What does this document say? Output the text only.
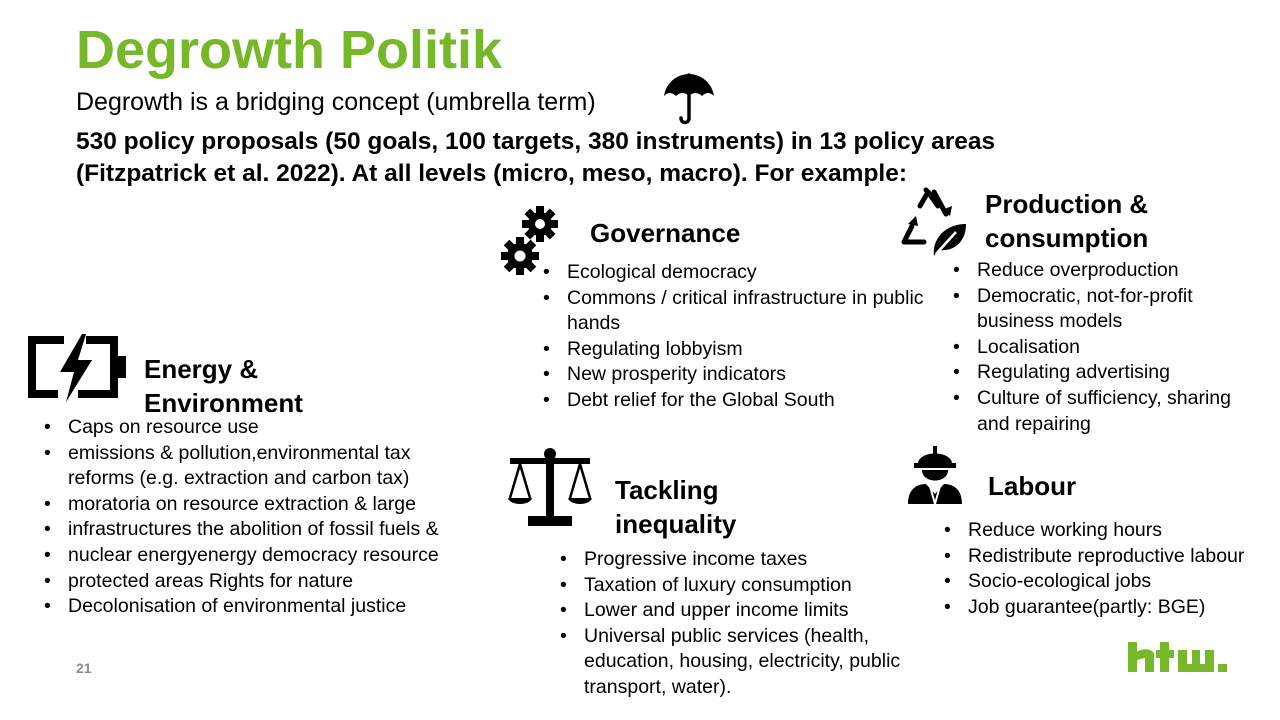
Degrowth Politik
Degrowth is a bridging concept (umbrella term)
530 policy proposals (50 goals, 100 targets, 380 instruments) in 13 policy areas
(Fitzpatrick et al. 2022). At all levels (micro, meso, macro). For example:
Governance
• Ecological democracy
• Commons / critical infrastructure in public
hands
• Regulating lobbyism
• New prosperity indicators
• Debt relief for the Global South
Production &
consumption
• Reduce overproduction
• Democratic, not-for-profit
business models
• Localisation
• Regulating advertising
• Culture of sufficiency, sharing
and repairing
Energy &
Environment
• Caps on resource use
• emissions & pollution,environmental tax
reforms (e.g. extraction and carbon tax)
• moratoria on resource extraction & large
• infrastructures the abolition of fossil fuels &
• nuclear energyenergy democracy resource
• protected areas Rights for nature
• Decolonisation of environmental justice
Tackling
inequality
• Progressive income taxes
• Taxation of luxury consumption
• Lower and upper income limits
• Universal public services (health,
education, housing, electricity, public
transport, water).
Labour
• Reduce working hours
• Redistribute reproductive labour
• Socio-ecological jobs
• Job guarantee(partly: BGE)
21
